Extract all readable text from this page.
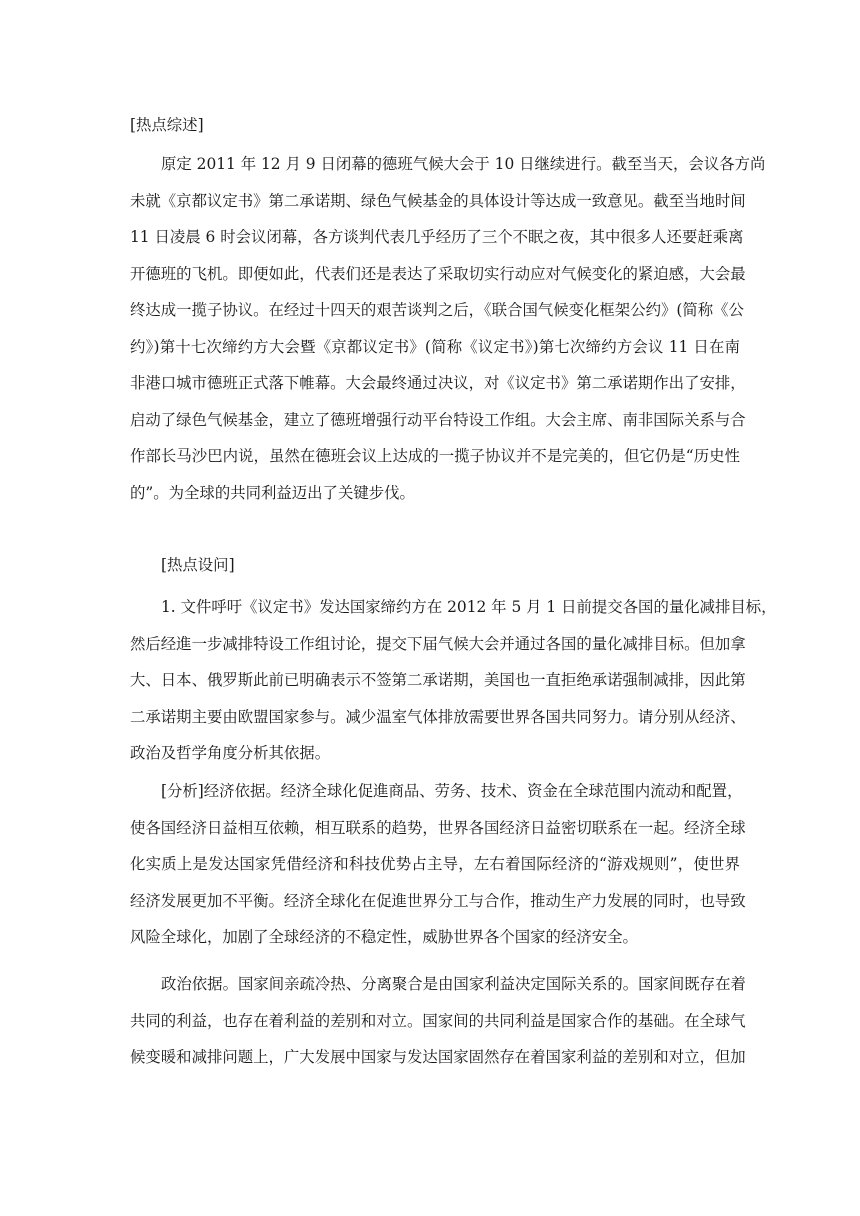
[热点综述]
原定 2011 年 12 月 9 日闭幕的德班气候大会于 10 日继续进行。截至当天，会议各方尚
未就《京都议定书》第二承诺期、绿色气候基金的具体设计等达成一致意见。截至当地时间
11 日凌晨 6 时会议闭幕，各方谈判代表几乎经历了三个不眠之夜，其中很多人还要赶乘离
开德班的飞机。即便如此，代表们还是表达了采取切实行动应对气候变化的紧迫感，大会最
终达成一揽子协议。在经过十四天的艰苦谈判之后，《联合国气候变化框架公约》(简称《公
约》)第十七次缔约方大会暨《京都议定书》(简称《议定书》)第七次缔约方会议 11 日在南
非港口城市德班正式落下帷幕。大会最终通过决议，对《议定书》第二承诺期作出了安排，
启动了绿色气候基金，建立了德班增强行动平台特设工作组。大会主席、南非国际关系与合
作部长马沙巴内说，虽然在德班会议上达成的一揽子协议并不是完美的，但它仍是“历史性
的”。为全球的共同利益迈出了关键步伐。
[热点设问]
1. 文件呼吁《议定书》发达国家缔约方在 2012 年 5 月 1 日前提交各国的量化减排目标，
然后经進一步减排特设工作组讨论，提交下届气候大会并通过各国的量化减排目标。但加拿
大、日本、俄罗斯此前已明确表示不签第二承诺期，美国也一直拒绝承诺强制减排，因此第
二承诺期主要由欧盟国家参与。减少温室气体排放需要世界各国共同努力。请分别从经济、
政治及哲学角度分析其依据。
[分析]经济依据。经济全球化促進商品、劳务、技术、资金在全球范围内流动和配置，
使各国经济日益相互依赖，相互联系的趋势，世界各国经济日益密切联系在一起。经济全球
化实质上是发达国家凭借经济和科技优势占主导，左右着国际经济的“游戏规则”，使世界
经济发展更加不平衡。经济全球化在促進世界分工与合作，推动生产力发展的同时，也导致
风险全球化，加剧了全球经济的不稳定性，威胁世界各个国家的经济安全。
政治依据。国家间亲疏冷热、分离聚合是由国家利益决定国际关系的。国家间既存在着
共同的利益，也存在着利益的差别和对立。国家间的共同利益是国家合作的基础。在全球气
候变暖和减排问题上，广大发展中国家与发达国家固然存在着国家利益的差别和对立，但加
